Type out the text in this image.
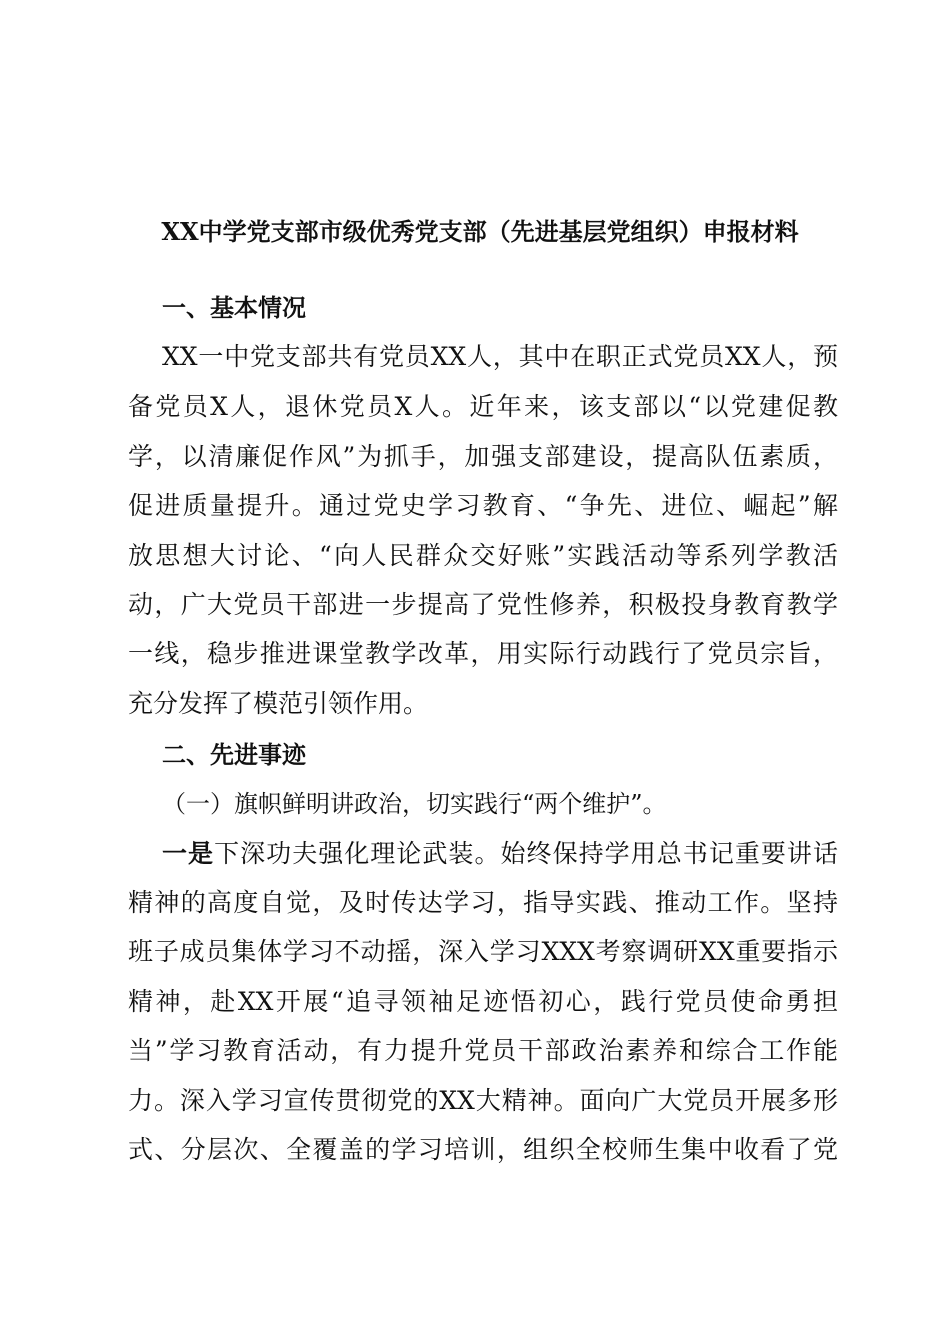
XX中学党支部市级优秀党支部（先进基层党组织）申报材料
一、基本情况
XX一中党支部共有党员XX人，其中在职正式党员XX人，预
备党员X人，退休党员X人。近年来，该支部以“以党建促教
学，以清廉促作风”为抓手，加强支部建设，提高队伍素质，
促进质量提升。通过党史学习教育、“争先、进位、崛起”解
放思想大讨论、“向人民群众交好账”实践活动等系列学教活
动，广大党员干部进一步提高了党性修养，积极投身教育教学
一线，稳步推进课堂教学改革，用实际行动践行了党员宗旨，
充分发挥了模范引领作用。
二、先进事迹
（一）旗帜鲜明讲政治，切实践行“两个维护”。
一是下深功夫强化理论武装。始终保持学用总书记重要讲话
精神的高度自觉，及时传达学习，指导实践、推动工作。坚持
班子成员集体学习不动摇，深入学习XXX考察调研XX重要指示
精神，赴XX开展“追寻领袖足迹悟初心，践行党员使命勇担
当”学习教育活动，有力提升党员干部政治素养和综合工作能
力。深入学习宣传贯彻党的XX大精神。面向广大党员开展多形
式、分层次、全覆盖的学习培训，组织全校师生集中收看了党
